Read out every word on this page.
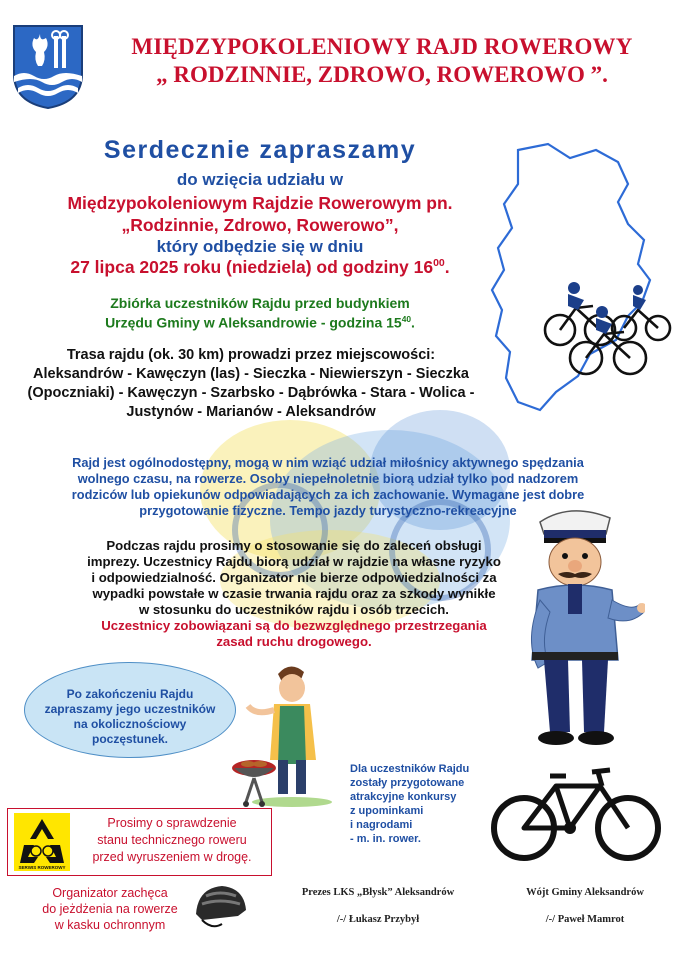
MIĘDZYPOKOLENIOWY RAJD ROWEROWY
„ RODZINNIE, ZDROWO, ROWEROWO ”.
Serdecznie zapraszamy
do wzięcia udziału w
Międzypokoleniowym Rajdzie Rowerowym pn.
„Rodzinnie, Zdrowo, Rowerowo”,
który odbędzie się w dniu
27 lipca 2025 roku (niedziela) od godziny $16^{00}$.
Zbiórka uczestników Rajdu przed budynkiem
Urzędu Gminy w Aleksandrowie - godzina $15^{40}$.
Trasa rajdu (ok. 30 km) prowadzi przez miejscowości:
Aleksandrów - Kawęczyn (las) - Sieczka - Niewierszyn - Sieczka
(Opoczniaki) - Kawęczyn - Szarbsko - Dąbrówka - Stara - Wolica -
Justynów - Marianów - Aleksandrów
Rajd jest ogólnodostępny, mogą w nim wziąć udział miłośnicy aktywnego spędzania
wolnego czasu, na rowerze. Osoby niepełnoletnie biorą udział tylko pod nadzorem
rodziców lub opiekunów odpowiadających za ich zachowanie. Wymagane jest dobre
przygotowanie fizyczne. Tempo jazdy turystyczno-rekreacyjne
Podczas rajdu prosimy o stosowanie się do zaleceń obsługi
imprezy. Uczestnicy Rajdu biorą udział w rajdzie na własne ryzyko
i odpowiedzialność. Organizator nie bierze odpowiedzialności za
wypadki powstałe w czasie trwania rajdu oraz za szkody wynikłe
w stosunku do uczestników rajdu i osób trzecich.
Uczestnicy zobowiązani są do bezwzględnego przestrzegania
zasad ruchu drogowego.
Po zakończeniu Rajdu
zapraszamy jego uczestników
na okolicznościowy poczęstunek.
Dla uczestników Rajdu
zostały przygotowane
atrakcyjne konkursy
z upominkami
i nagrodami
- m. in. rower.
SERWIS ROWEROWY
Prosimy o sprawdzenie
stanu technicznego roweru
przed wyruszeniem w drogę.
Organizator zachęca
do jeżdżenia na rowerze
w kasku ochronnym
Prezes LKS „Błysk” Aleksandrów
/-/ Łukasz Przybył
Wójt Gminy Aleksandrów
/-/ Paweł Mamrot
